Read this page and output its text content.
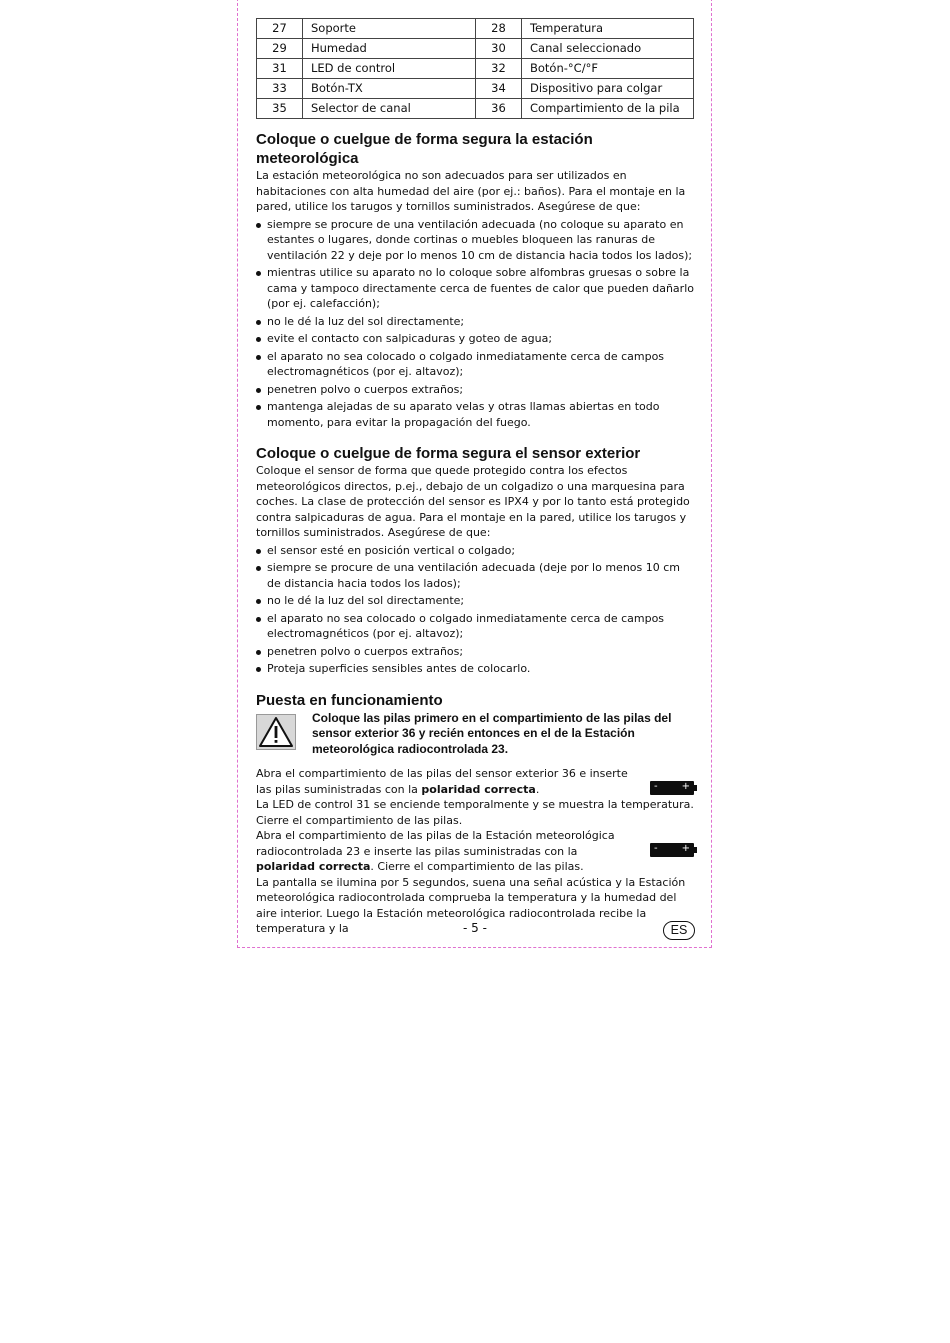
27	Soporte	28	Temperatura
29	Humedad	30	Canal seleccionado
31	LED de control	32	Botón-°C/°F
33	Botón-TX	34	Dispositivo para colgar
35	Selector de canal	36	Compartimiento de la pila
Coloque o cuelgue de forma segura la estación meteorológica

La estación meteorológica no son adecuados para ser utilizados en habitaciones con alta humedad del aire (por ej.: baños). Para el montaje en la pared, utilice los tarugos y tornillos suministrados. Asegúrese de que:

siempre se procure de una ventilación adecuada (no coloque su aparato en estantes o lugares, donde cortinas o muebles bloqueen las ranuras de ventilación 22 y deje por lo menos 10 cm de distancia hacia todos los lados);
mientras utilice su aparato no lo coloque sobre alfombras gruesas o sobre la cama y tampoco directamente cerca de fuentes de calor que pueden dañarlo (por ej. calefacción);
no le dé la luz del sol directamente;
evite el contacto con salpicaduras y goteo de agua;
el aparato no sea colocado o colgado inmediatamente cerca de campos electromagnéticos (por ej. altavoz);
penetren polvo o cuerpos extraños;
mantenga alejadas de su aparato velas y otras llamas abiertas en todo momento, para evitar la propagación del fuego.
Coloque o cuelgue de forma segura el sensor exterior

Coloque el sensor de forma que quede protegido contra los efectos meteorológicos directos, p.ej., debajo de un colgadizo o una marquesina para coches. La clase de protección del sensor es IPX4 y por lo tanto está protegido contra salpicaduras de agua. Para el montaje en la pared, utilice los tarugos y tornillos suministrados. Asegúrese de que:

el sensor esté en posición vertical o colgado;
siempre se procure de una ventilación adecuada (deje por lo menos 10 cm de distancia hacia todos los lados);
no le dé la luz del sol directamente;
el aparato no sea colocado o colgado inmediatamente cerca de campos electromagnéticos (por ej. altavoz);
penetren polvo o cuerpos extraños;
Proteja superficies sensibles antes de colocarlo.
Puesta en funcionamiento
Coloque las pilas primero en el compartimiento de las pilas del sensor exterior 36 y recién entonces en el de la Estación meteorológica radiocontrolada 23.

Abra el compartimiento de las pilas del sensor exterior 36 e inserte las pilas suministradas con la polaridad correcta.	- +

La LED de control 31 se enciende temporalmente y se muestra la temperatura. Cierre el compartimiento de las pilas.

Abra el compartimiento de las pilas de la Estación meteorológica radiocontrolada 23 e inserte las pilas suministradas con la polaridad correcta. Cierre el compartimiento de las pilas.
- +

La pantalla se ilumina por 5 segundos, suena una señal acústica y la Estación meteorológica radiocontrolada comprueba la temperatura y la humedad del aire interior. Luego la Estación meteorológica radiocontrolada recibe la temperatura y la	- 5 -	ES
